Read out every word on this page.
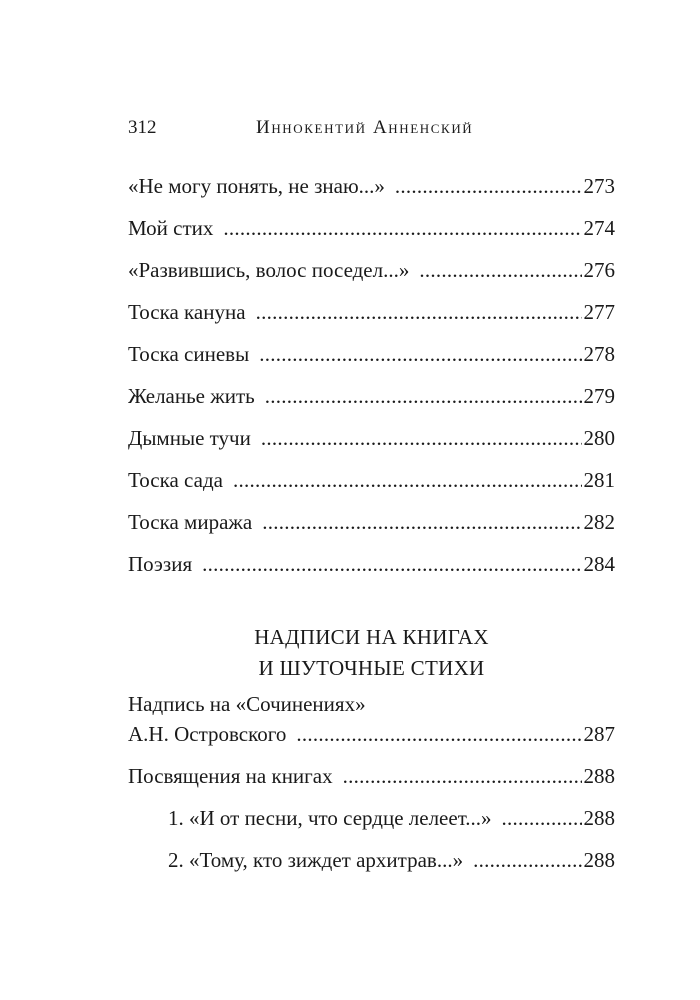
312	Иннокентий Анненский
«Не могу понять, не знаю...» . . .	273
Мой стих . . .	274
«Развившись, волос поседел...» . . .	276
Тоска кануна . . .	277
Тоска синевы . . .	278
Желанье жить . . .	279
Дымные тучи . . .	280
Тоска сада . . .	281
Тоска миража . . .	282
Поэзия . . .	284
НАДПИСИ НА КНИГАХ
И ШУТОЧНЫЕ СТИХИ
Надпись на «Сочинениях»
А.Н. Островского . . .	287
Посвящения на книгах . . .	288
1. «И от песни, что сердце лелеет...» . . .	288
2. «Тому, кто зиждет архитрав...» . . .	288
